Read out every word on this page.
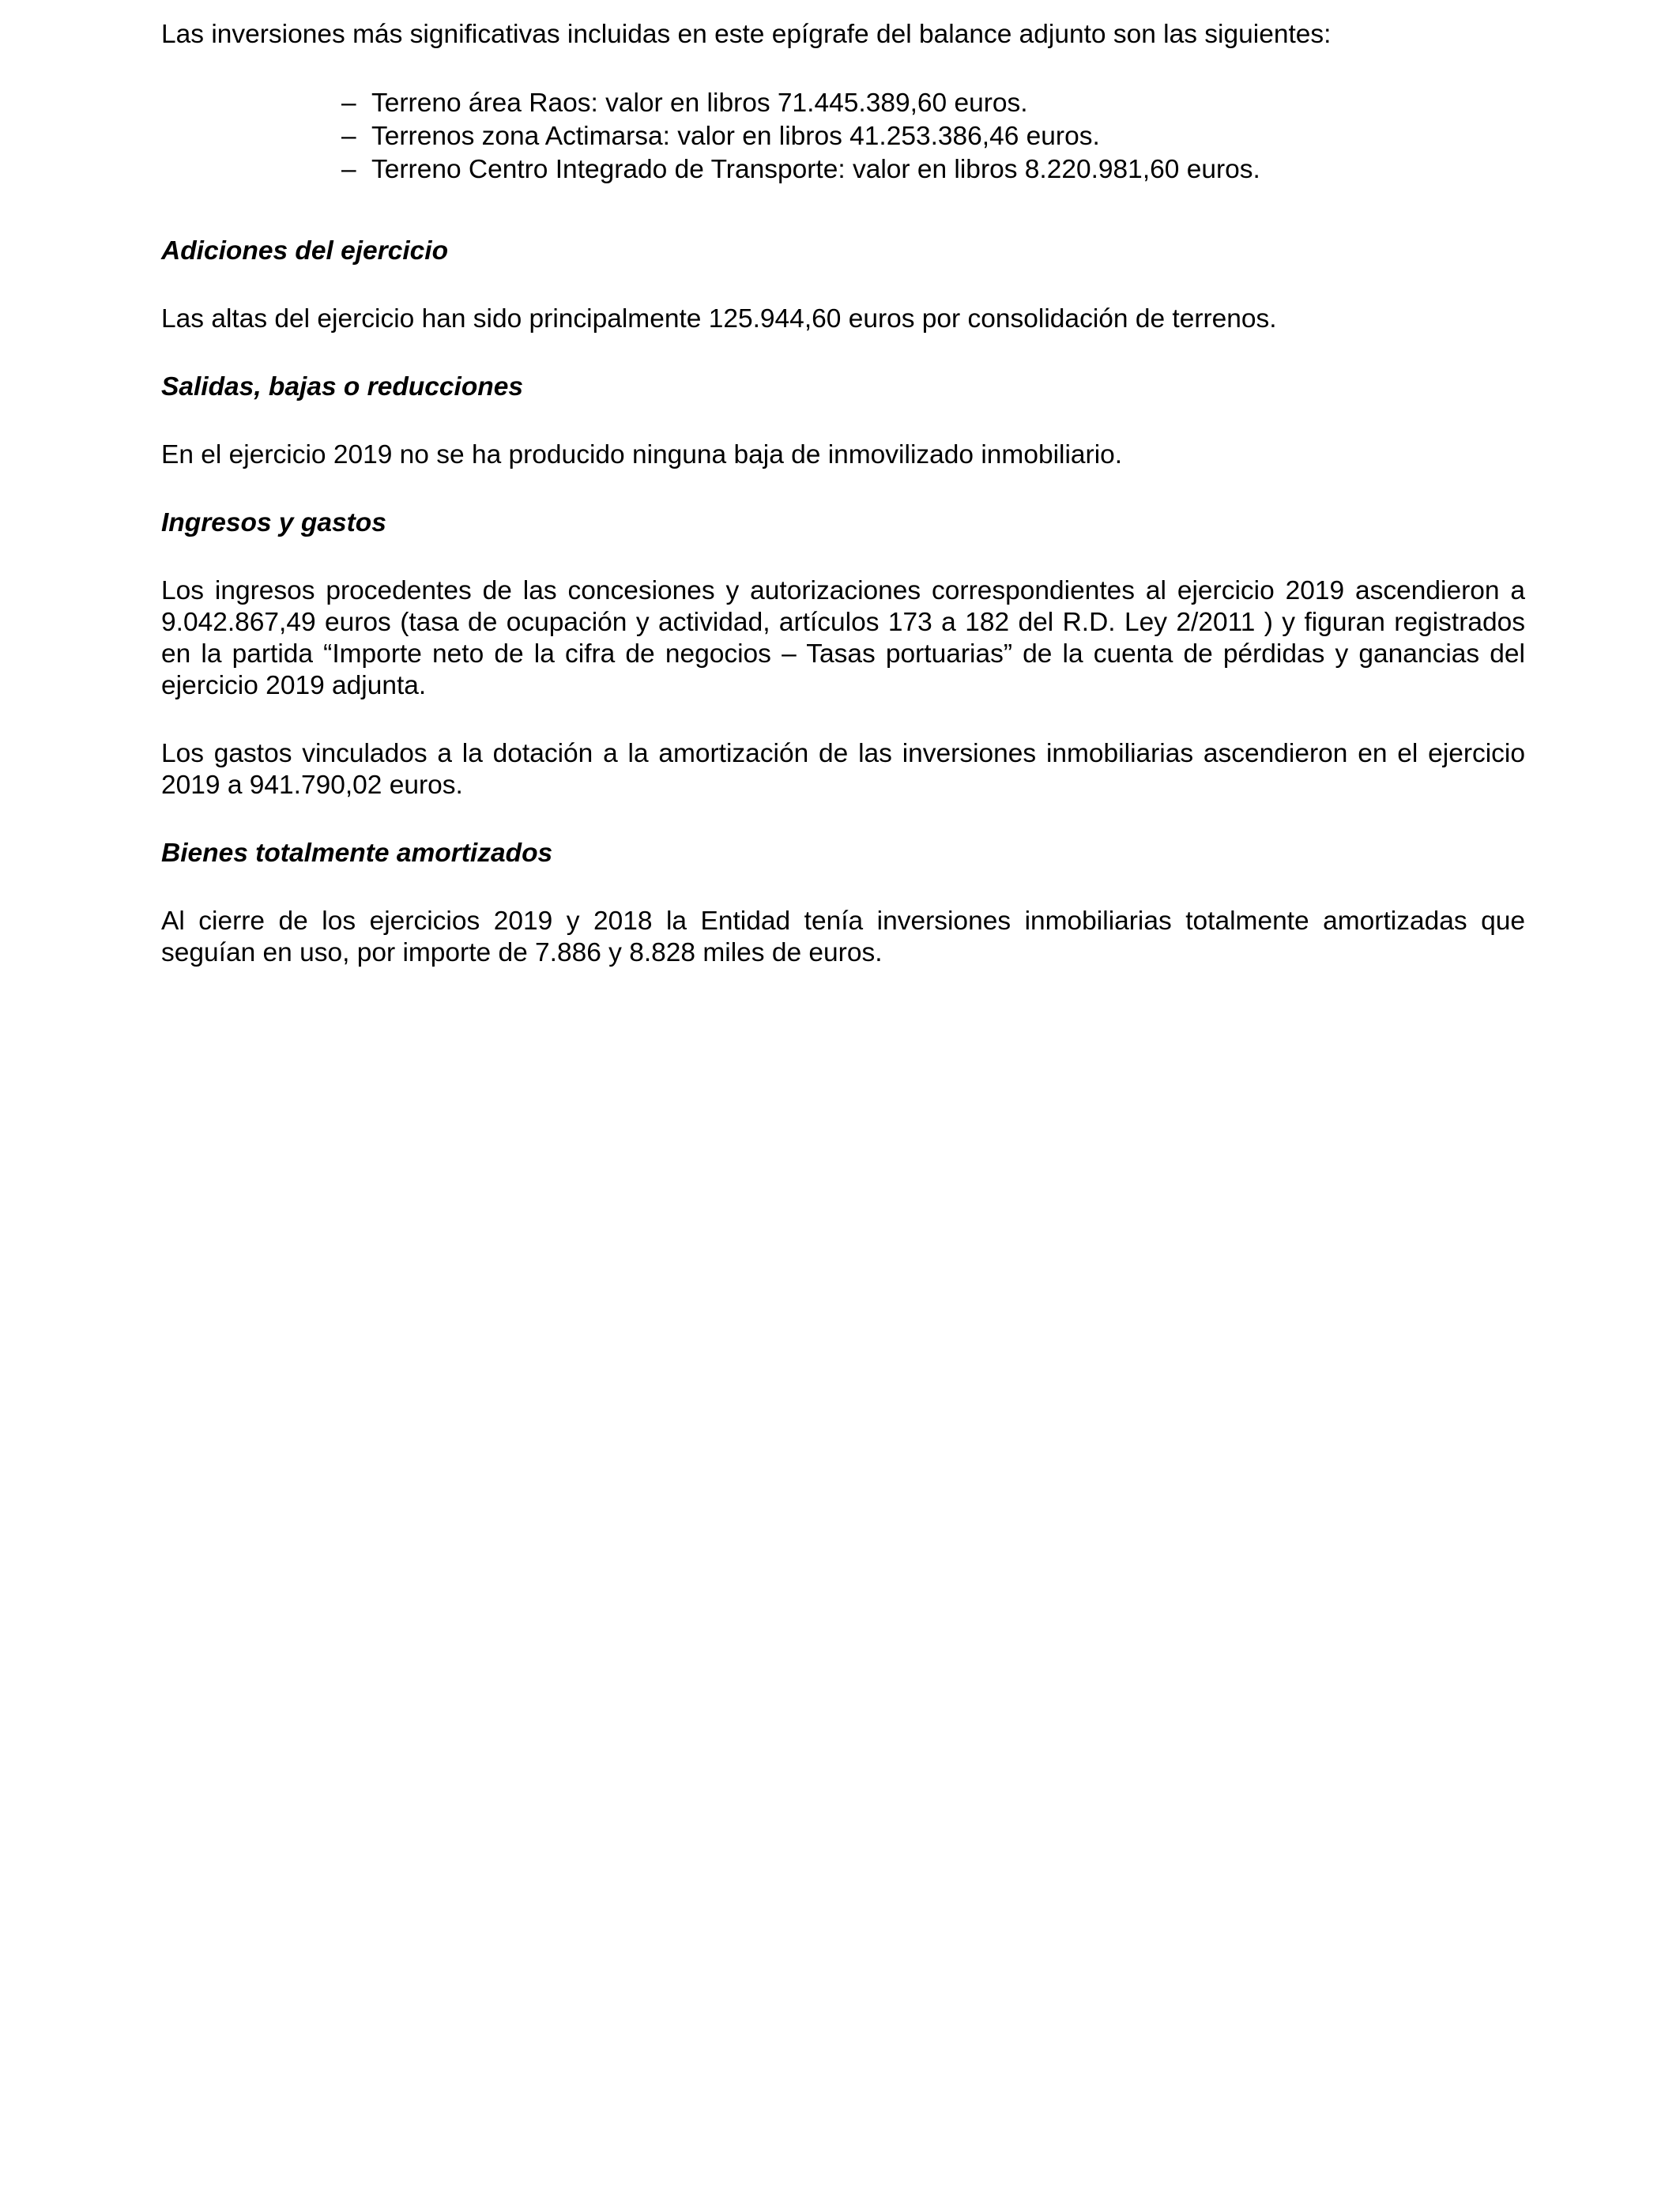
Las inversiones más significativas incluidas en este epígrafe del balance adjunto son las siguientes:

– Terreno área Raos: valor en libros 71.445.389,60 euros.
– Terrenos zona Actimarsa: valor en libros 41.253.386,46 euros.
– Terreno Centro Integrado de Transporte: valor en libros 8.220.981,60 euros.
Adiciones del ejercicio

Las altas del ejercicio han sido principalmente 125.944,60 euros por consolidación de terrenos.

Salidas, bajas o reducciones

En el ejercicio 2019 no se ha producido ninguna baja de inmovilizado inmobiliario.

Ingresos y gastos

Los ingresos procedentes de las concesiones y autorizaciones correspondientes al ejercicio 2019 ascendieron a 9.042.867,49 euros (tasa de ocupación y actividad, artículos 173 a 182 del R.D. Ley 2/2011 ) y figuran registrados en la partida “Importe neto de la cifra de negocios – Tasas portuarias” de la cuenta de pérdidas y ganancias del ejercicio 2019 adjunta.

Los gastos vinculados a la dotación a la amortización de las inversiones inmobiliarias ascendieron en el ejercicio 2019 a 941.790,02 euros.

Bienes totalmente amortizados

Al cierre de los ejercicios 2019 y 2018 la Entidad tenía inversiones inmobiliarias totalmente amortizadas que seguían en uso, por importe de 7.886 y 8.828 miles de euros.
